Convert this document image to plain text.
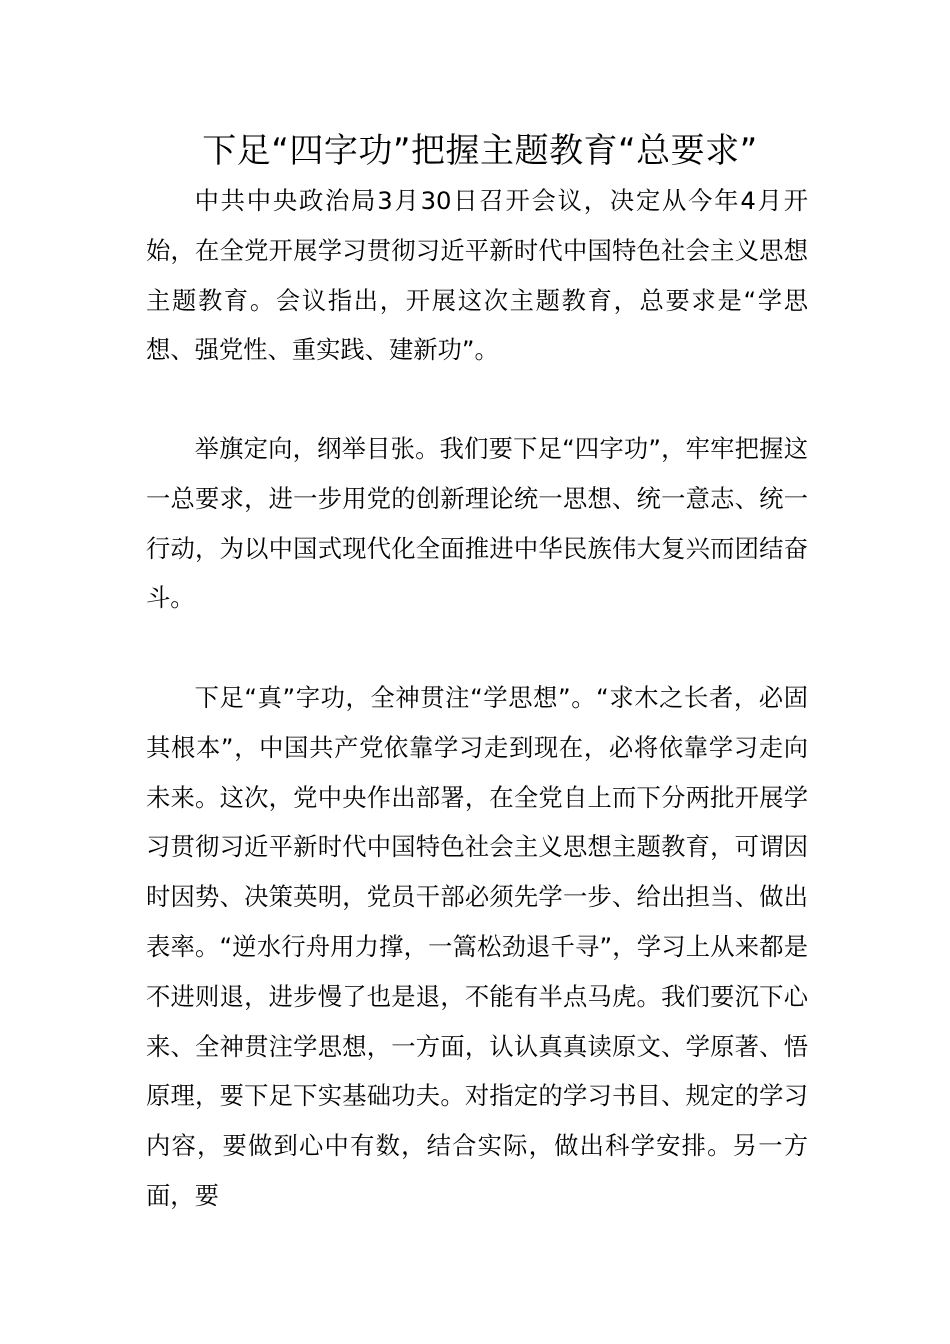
下足“四字功”把握主题教育“总要求”

中共中央政治局3月30日召开会议，决定从今年4月开始，在全党开展学习贯彻习近平新时代中国特色社会主义思想主题教育。会议指出，开展这次主题教育，总要求是“学思想、强党性、重实践、建新功”。

举旗定向，纲举目张。我们要下足“四字功”，牢牢把握这一总要求，进一步用党的创新理论统一思想、统一意志、统一行动，为以中国式现代化全面推进中华民族伟大复兴而团结奋斗。

下足“真”字功，全神贯注“学思想”。“求木之长者，必固其根本”，中国共产党依靠学习走到现在，必将依靠学习走向未来。这次，党中央作出部署，在全党自上而下分两批开展学习贯彻习近平新时代中国特色社会主义思想主题教育，可谓因时因势、决策英明，党员干部必须先学一步、给出担当、做出表率。“逆水行舟用力撑，一篙松劲退千寻”，学习上从来都是不进则退，进步慢了也是退，不能有半点马虎。我们要沉下心来、全神贯注学思想，一方面，认认真真读原文、学原著、悟原理，要下足下实基础功夫。对指定的学习书目、规定的学习内容，要做到心中有数，结合实际，做出科学安排。另一方面，要
